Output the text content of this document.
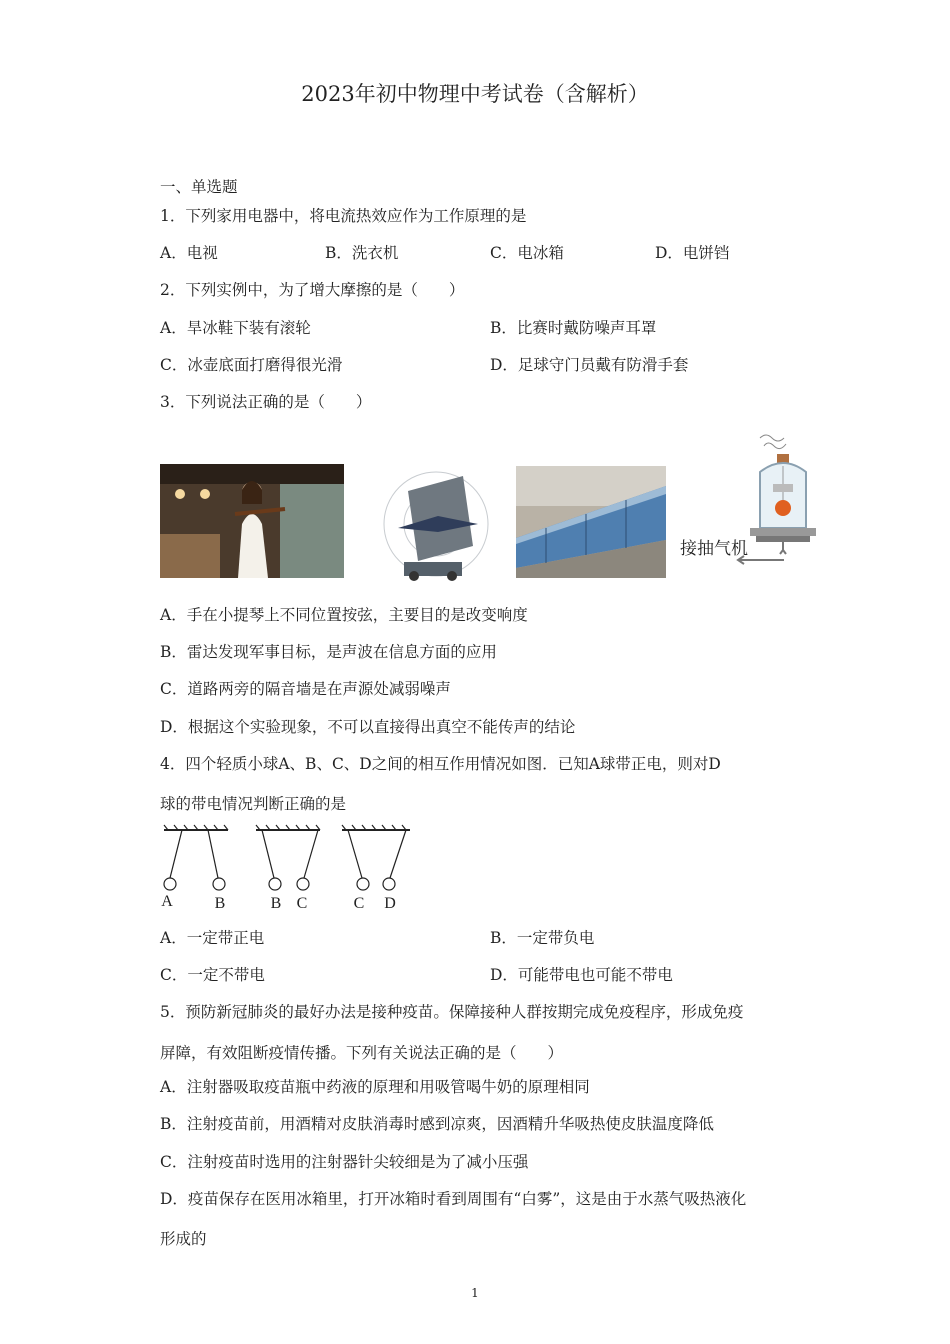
2023年初中物理中考试卷（含解析）
一、单选题
1．下列家用电器中，将电流热效应作为工作原理的是
A．电视	B．洗衣机	C．电冰箱	D．电饼铛
2．下列实例中，为了增大摩擦的是（　　）
A．旱冰鞋下装有滚轮	B．比赛时戴防噪声耳罩
C．冰壶底面打磨得很光滑	D．足球守门员戴有防滑手套
3．下列说法正确的是（　　）
接抽气机
A．手在小提琴上不同位置按弦，主要目的是改变响度
B．雷达发现军事目标，是声波在信息方面的应用
C．道路两旁的隔音墙是在声源处减弱噪声
D．根据这个实验现象，不可以直接得出真空不能传声的结论
4．四个轻质小球A、B、C、D之间的相互作用情况如图．已知A球带正电，则对D
球的带电情况判断正确的是
A	B	B C	C D
A．一定带正电	B．一定带负电
C．一定不带电	D．可能带电也可能不带电
5．预防新冠肺炎的最好办法是接种疫苗。保障接种人群按期完成免疫程序，形成免疫
屏障，有效阻断疫情传播。下列有关说法正确的是（　　）
A．注射器吸取疫苗瓶中药液的原理和用吸管喝牛奶的原理相同
B．注射疫苗前，用酒精对皮肤消毒时感到凉爽，因酒精升华吸热使皮肤温度降低
C．注射疫苗时选用的注射器针尖较细是为了减小压强
D．疫苗保存在医用冰箱里，打开冰箱时看到周围有“白雾”，这是由于水蒸气吸热液化
形成的
1
